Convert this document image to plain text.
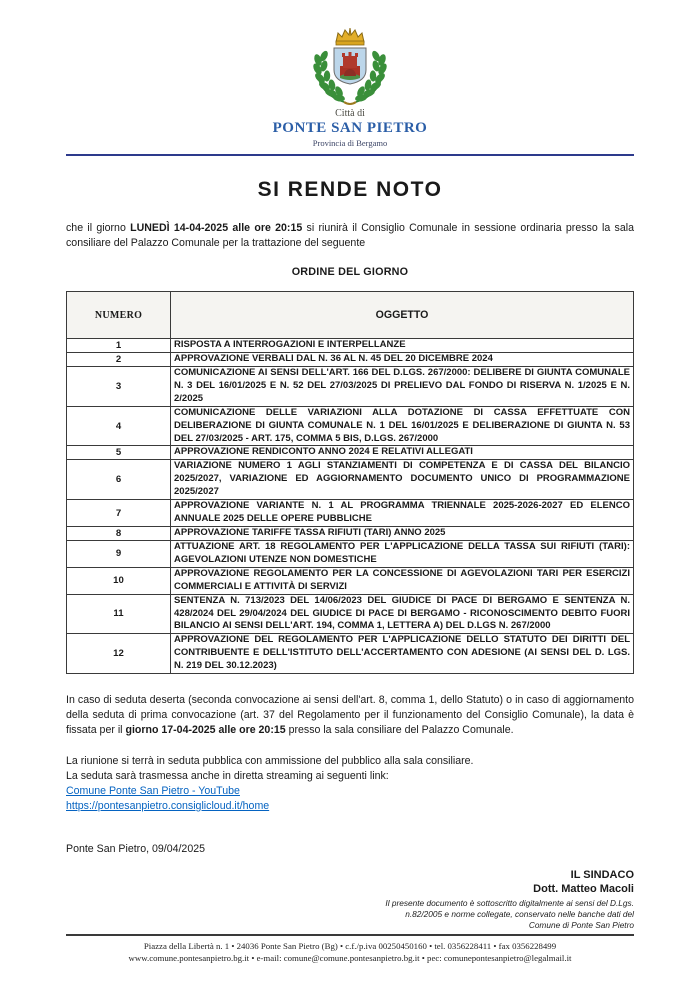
Città di
PONTE SAN PIETRO
Provincia di Bergamo
SI RENDE NOTO

che il giorno LUNEDÌ 14-04-2025 alle ore 20:15 si riunirà il Consiglio Comunale in sessione ordinaria presso la sala consiliare del Palazzo Comunale per la trattazione del seguente

ORDINE DEL GIORNO
NUMERO	OGGETTO
1	RISPOSTA A INTERROGAZIONI E INTERPELLANZE
2	APPROVAZIONE VERBALI DAL N. 36 AL N. 45 DEL 20 DICEMBRE 2024
3	COMUNICAZIONE AI SENSI DELL'ART. 166 DEL D.LGS. 267/2000: DELIBERE DI GIUNTA COMUNALE N. 3 DEL 16/01/2025 E N. 52 DEL 27/03/2025 DI PRELIEVO DAL FONDO DI RISERVA N. 1/2025 E N. 2/2025
4	COMUNICAZIONE DELLE VARIAZIONI ALLA DOTAZIONE DI CASSA EFFETTUATE CON DELIBERAZIONE DI GIUNTA COMUNALE N. 1 DEL 16/01/2025 E DELIBERAZIONE DI GIUNTA N. 53 DEL 27/03/2025 - ART. 175, COMMA 5 BIS, D.LGS. 267/2000
5	APPROVAZIONE RENDICONTO ANNO 2024 E RELATIVI ALLEGATI
6	VARIAZIONE NUMERO 1 AGLI STANZIAMENTI DI COMPETENZA E DI CASSA DEL BILANCIO 2025/2027, VARIAZIONE ED AGGIORNAMENTO DOCUMENTO UNICO DI PROGRAMMAZIONE 2025/2027
7	APPROVAZIONE VARIANTE N. 1 AL PROGRAMMA TRIENNALE 2025-2026-2027 ED ELENCO ANNUALE 2025 DELLE OPERE PUBBLICHE
8	APPROVAZIONE TARIFFE TASSA RIFIUTI (TARI) ANNO 2025
9	ATTUAZIONE ART. 18 REGOLAMENTO PER L'APPLICAZIONE DELLA TASSA SUI RIFIUTI (TARI): AGEVOLAZIONI UTENZE NON DOMESTICHE
10	APPROVAZIONE REGOLAMENTO PER LA CONCESSIONE DI AGEVOLAZIONI TARI PER ESERCIZI COMMERCIALI E ATTIVITÀ DI SERVIZI
11	SENTENZA N. 713/2023 DEL 14/06/2023 DEL GIUDICE DI PACE DI BERGAMO E SENTENZA N. 428/2024 DEL 29/04/2024 DEL GIUDICE DI PACE DI BERGAMO - RICONOSCIMENTO DEBITO FUORI BILANCIO AI SENSI DELL'ART. 194, COMMA 1, LETTERA A) DEL D.LGS N. 267/2000
12	APPROVAZIONE DEL REGOLAMENTO PER L'APPLICAZIONE DELLO STATUTO DEI DIRITTI DEL CONTRIBUENTE E DELL'ISTITUTO DELL'ACCERTAMENTO CON ADESIONE (AI SENSI DEL D. LGS. N. 219 DEL 30.12.2023)

In caso di seduta deserta (seconda convocazione ai sensi dell'art. 8, comma 1, dello Statuto) o in caso di aggiornamento della seduta di prima convocazione (art. 37 del Regolamento per il funzionamento del Consiglio Comunale), la data è fissata per il giorno 17-04-2025 alle ore 20:15 presso la sala consiliare del Palazzo Comunale.

La riunione si terrà in seduta pubblica con ammissione del pubblico alla sala consiliare.

La seduta sarà trasmessa anche in diretta streaming ai seguenti link:

Comune Ponte San Pietro - YouTube

https://pontesanpietro.consiglicloud.it/home

Ponte San Pietro, 09/04/2025
IL SINDACO
Dott. Matteo Macoli
Il presente documento è sottoscritto digitalmente ai sensi del D.Lgs. n.82/2005 e norme collegate, conservato nelle banche dati del Comune di Ponte San Pietro
Piazza della Libertà n. 1 • 24036 Ponte San Pietro (Bg) • c.f./p.iva 00250450160 • tel. 0356228411 • fax 0356228499
www.comune.pontesanpietro.bg.it • e-mail: comune@comune.pontesanpietro.bg.it • pec: comunepontesanpietro@legalmail.it
